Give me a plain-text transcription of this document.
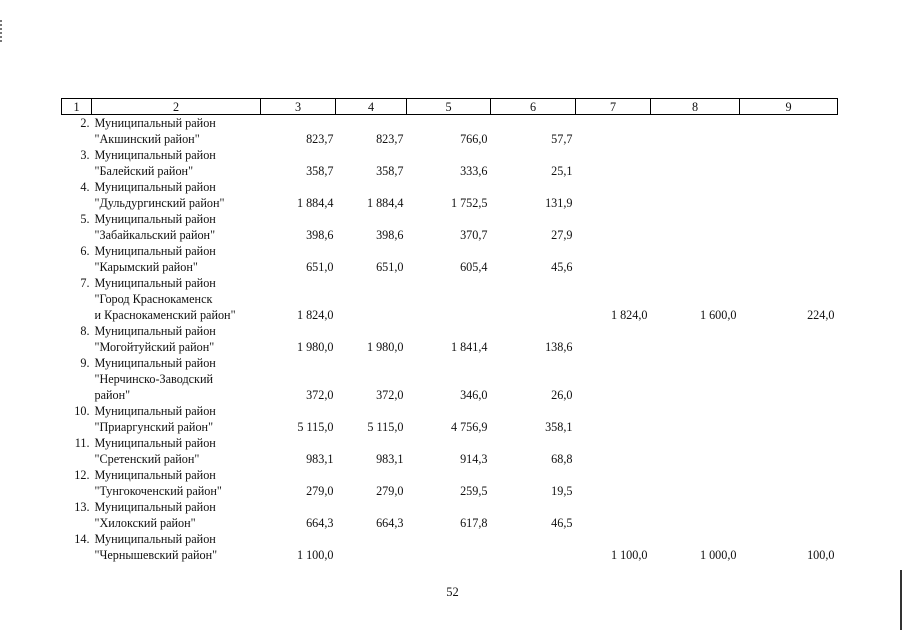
1	2	3	4	5	6	7	8	9
2.	Муниципальный район
"Акшинский район"	823,7	823,7	766,0	57,7			
3.	Муниципальный район
"Балейский район"	358,7	358,7	333,6	25,1			
4.	Муниципальный район
"Дульдургинский район"	1 884,4	1 884,4	1 752,5	131,9			
5.	Муниципальный район
"Забайкальский район"	398,6	398,6	370,7	27,9			
6.	Муниципальный район
"Карымский район"	651,0	651,0	605,4	45,6			
7.	Муниципальный район
"Город Краснокаменск
и Краснокаменский район"	1 824,0				1 824,0	1 600,0	224,0
8.	Муниципальный район
"Могойтуйский район"	1 980,0	1 980,0	1 841,4	138,6			
9.	Муниципальный район
"Нерчинско-Заводский
район"	372,0	372,0	346,0	26,0			
10.	Муниципальный район
"Приаргунский район"	5 115,0	5 115,0	4 756,9	358,1			
11.	Муниципальный район
"Сретенский район"	983,1	983,1	914,3	68,8			
12.	Муниципальный район
"Тунгокоченский район"	279,0	279,0	259,5	19,5			
13.	Муниципальный район
"Хилокский район"	664,3	664,3	617,8	46,5			
14.	Муниципальный район
"Чернышевский район"	1 100,0				1 100,0	1 000,0	100,0
52
